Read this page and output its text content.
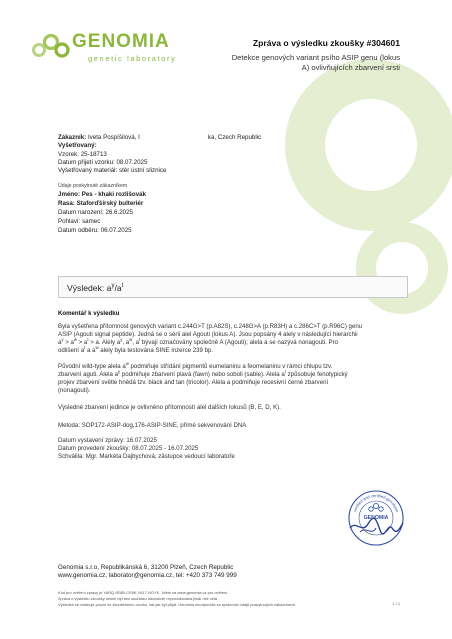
GENOMIA
genetic laboratory
Zpráva o výsledku zkoušky #304601
Detekce genových variant psího ASIP genu (lokus A) ovlivňujících zbarvení srsti
Zákazník: Iveta Pospíšilová, I	ka, Czech Republic
Vyšetřovaný:
Vzorek: 25-18713
Datum přijetí vzorku: 08.07.2025
Vyšetřovaný materiál: stěr ústní sliznice
Údaje poskytnuté zákazníkem
Jméno: Pes - khaki rozlišovák
Rasa: Staforďšírský bulteriér
Datum narození: 26.6.2025
Pohlaví: samec
Datum odběru: 06.07.2025
Výsledek: $a^y/a^t$
Komentář k výsledku
Byla vyšetřena přítomnost genových variant c.244G>T (p.A82S), c.248G>A (p.R83H) a c.286C>T (p.R96C) genu
ASIP (Agouti signal peptide). Jedná se o sérii alel Agouti (lokus A). Jsou popsány 4 alely v následující hierarchii
$a^y > a^w > a^t > a$. Alely $a^y$, $a^w$, $a^t$ bývají označovány společně A (Agouti); alela a se nazývá nonagouti. Pro
odlišení $a^t$ a $a^w$ alely byla testována SINE inzerce 239 bp.
Původní wild-type alela $a^w$ podmiňuje střídání pigmentů eumelaninu a feomelaninu v rámci chlupu tzv.
zbarvení aguti. Alela $a^y$ podmiňuje zbarvení plavá (fawn) nebo soboli (sable). Alela $a^t$ způsobuje fenotypický
projev zbarvení světle hnědá tzv. black and tan (tricolor). Alela a podmiňuje recesivní černé zbarvení
(nonagouti).
Výsledné zbarvení jedince je ovlivněno přítomností alel dalších lokusů (B, E, D, K).
Metoda: SOP172-ASIP-dog,176-ASIP-SINE, přímé sekvenování DNA
Datum vystavení zprávy: 16.07.2025
Datum provedení zkoušky: 08.07.2025 - 16.07.2025
Schválila: Mgr. Markéta Dajbychová, zástupce vedoucí laboratoře
verified and certified genotype
GENOMIA
Genomia s.r.o, Republikánská 6, 31200 Plzeň, Czech Republic
www.genomia.cz, laborator@genomia.cz, tel: +420 373 749 999
Kód pro ověření zprávy je YARQ-9E8B-CE6K-YA17-NOYK. Jděte na www.genomia.cz pro ověření.
Zpráva o výsledku zkoušky nesmí být bez souhlasu laboratoře reprodukována jinak než celá.
Výsledek se vztahuje pouze ke zkoušenému vzorku, tak jak byl přijat. Genomia neodpovídá za správnost údajů poskytnutých zákazníkem.	1 / 1
